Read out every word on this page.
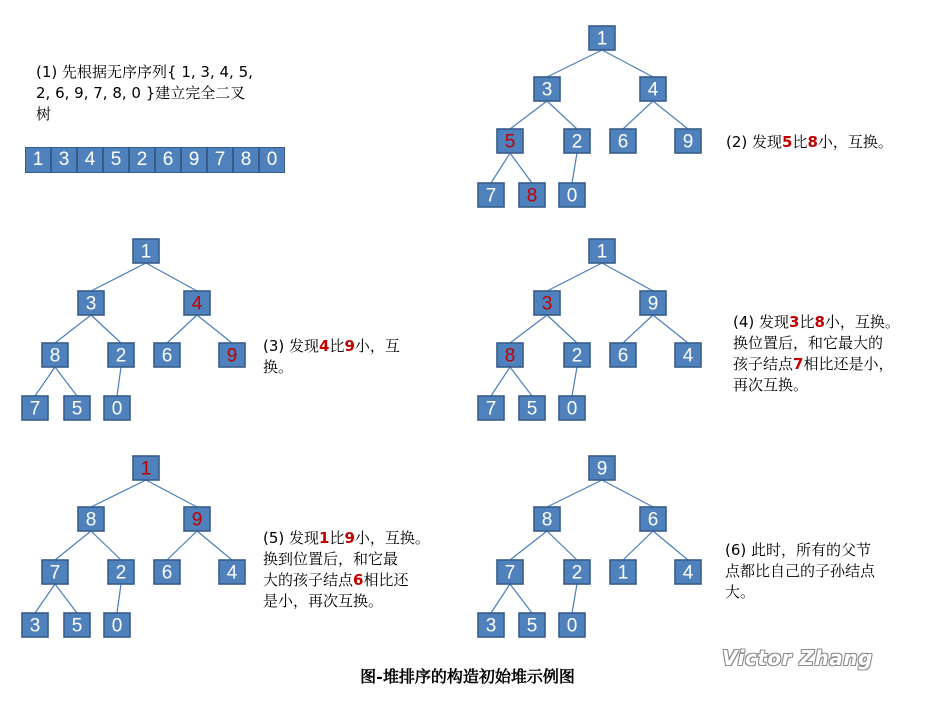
1
3	4
5	2 6	9
7 8 0
1
3	4
8	2 6	9
7 5 0
1
3	9
8	2 6	4
7 5 0
1
8	9
7	2 6	4
3 5 0
9
8	6
7	2 1	4
3 5 0
(1) 先根据无序序列{ 1, 3, 4, 5,
2, 6, 9, 7, 8, 0 }建立完全二叉
树
1 3 4 5 2 6 9 7 8 0
(2) 发现5比8小，互换。
(3) 发现4比9小，互
换。
(4) 发现3比8小，互换。
换位置后，和它最大的
孩子结点7相比还是小，
再次互换。
(5) 发现1比9小，互换。
换到位置后，和它最
大的孩子结点6相比还
是小，再次互换。
(6) 此时，所有的父节
点都比自己的子孙结点
大。
图-堆排序的构造初始堆示例图
Victor Zhang
